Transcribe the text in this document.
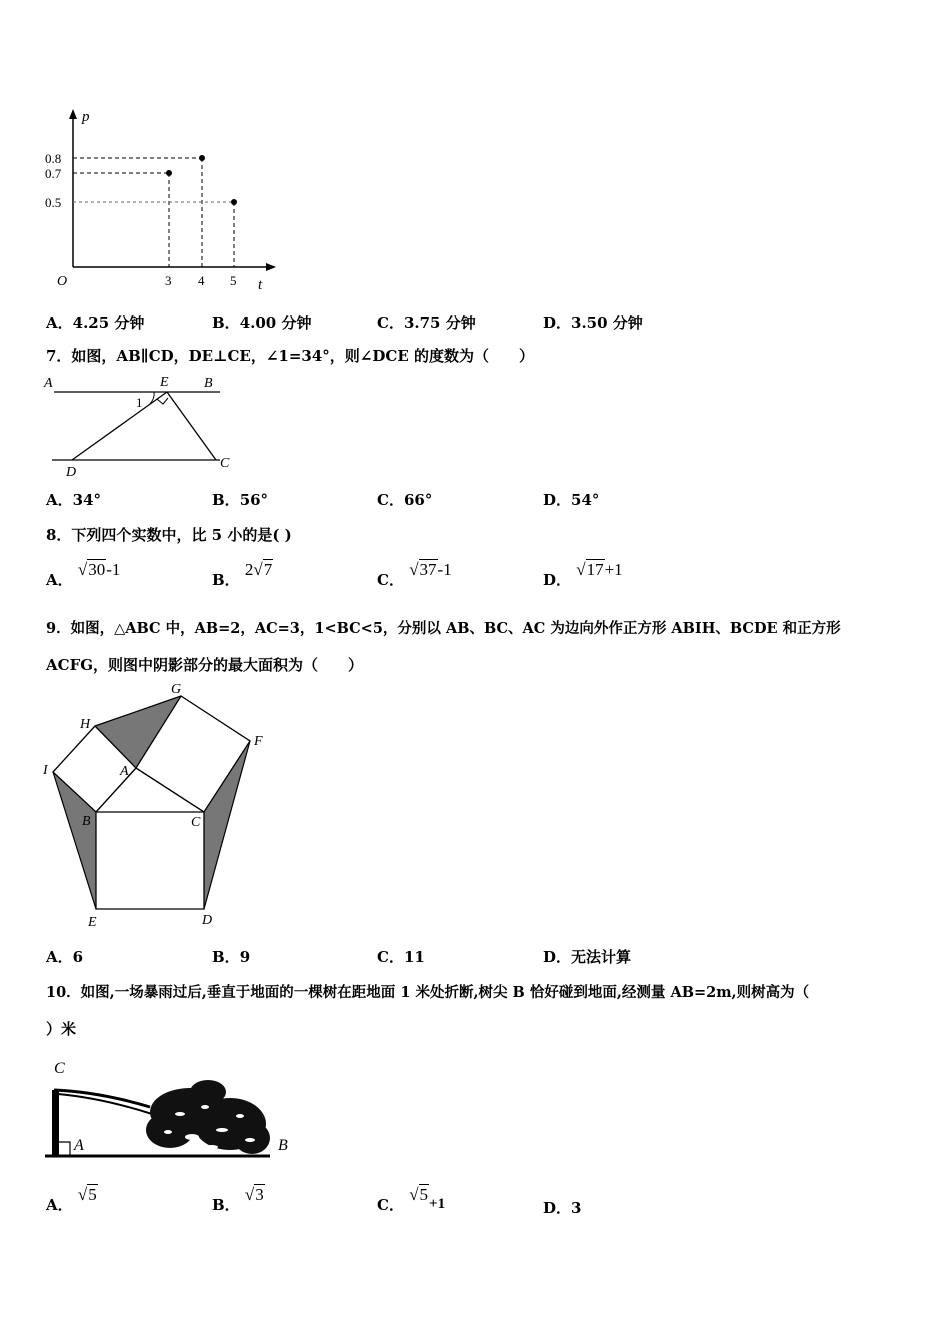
p
0.8
0.7
0.5
O	3 4 5 t
A．4.25 分钟	B．4.00 分钟	C．3.75 分钟	D．3.50 分钟
7．如图，AB∥CD，DE⊥CE，∠1=34°，则∠DCE 的度数为（　　）
A	E	B
1
D
C
A．34°	B．56°	C．66°	D．54°
8．下列四个实数中，比 5 小的是( )
A． √30-1
B． 2√7
C． √37-1
D． √17+1
9．如图，△ABC 中，AB=2，AC=3，1<BC<5，分别以 AB、BC、AC 为边向外作正方形 ABIH、BCDE 和正方形
ACFG，则图中阴影部分的最大面积为（　　）
G
H
F
I	A
B	C
E	D
A．6	B．9	C．11	D．无法计算
10．如图,一场暴雨过后,垂直于地面的一棵树在距地面 1 米处折断,树尖 B 恰好碰到地面,经测量 AB=2m,则树高为（
）米
C
A	B
A． √5
B． √3
C． √5+1	D．3
